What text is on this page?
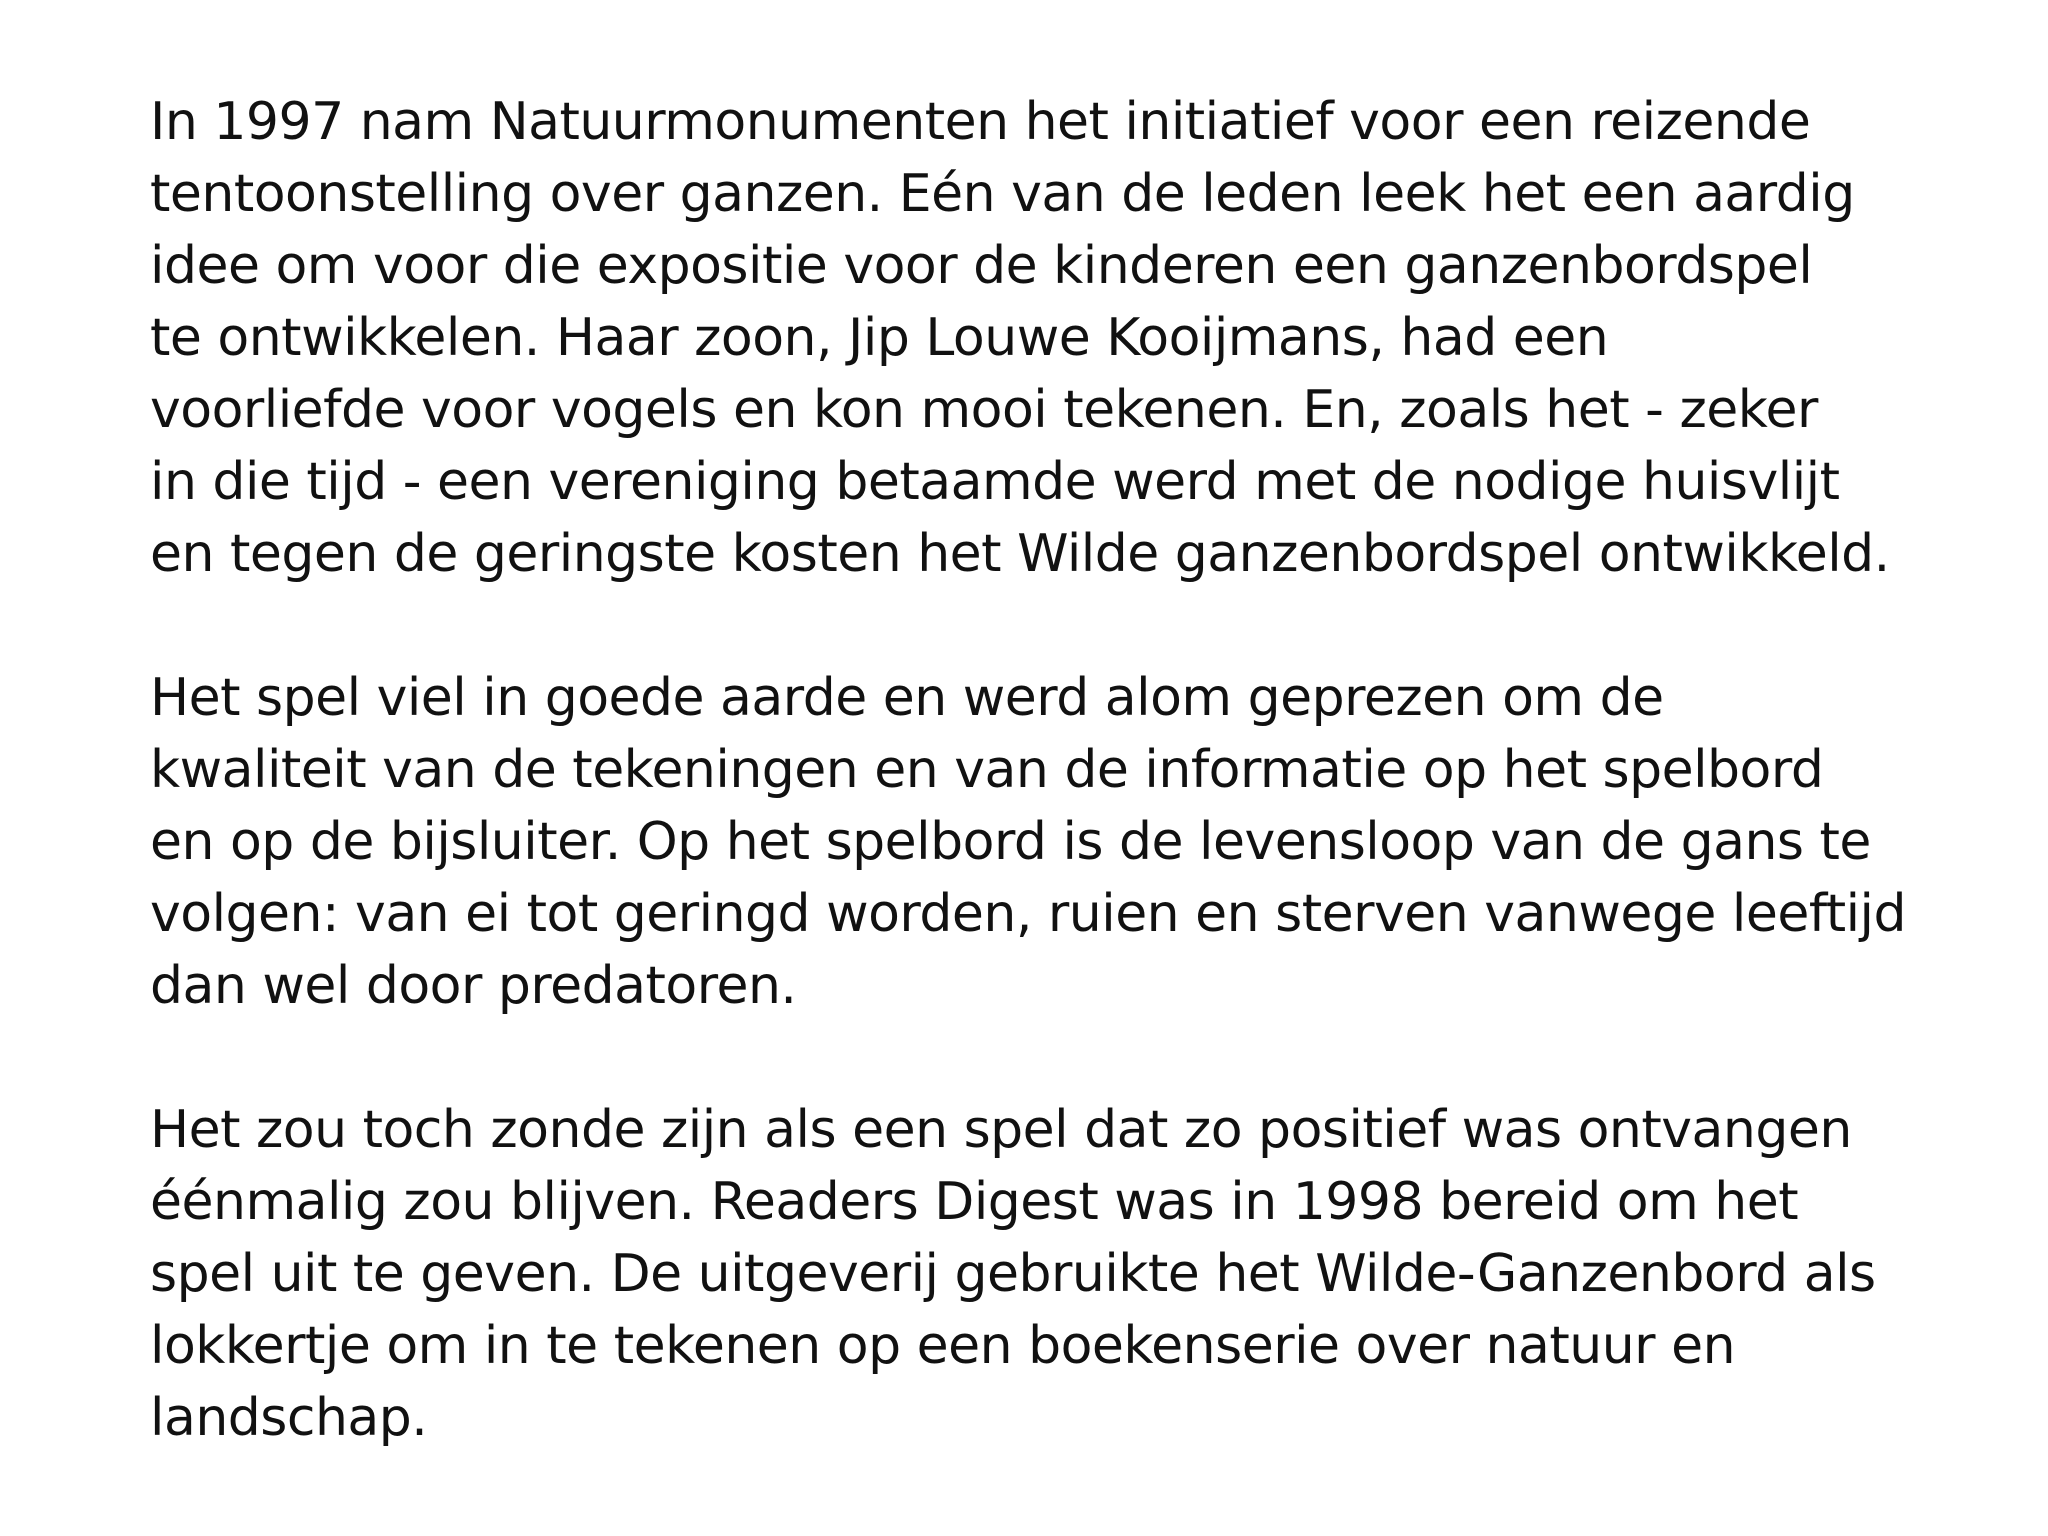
In 1997 nam Natuurmonumenten het initiatief voor een reizende
tentoonstelling over ganzen. Eén van de leden leek het een aardig
idee om voor die expositie voor de kinderen een ganzenbordspel
te ontwikkelen. Haar zoon, Jip Louwe Kooijmans, had een
voorliefde voor vogels en kon mooi tekenen. En, zoals het - zeker
in die tijd - een vereniging betaamde werd met de nodige huisvlijt
en tegen de geringste kosten het Wilde ganzenbordspel ontwikkeld.

Het spel viel in goede aarde en werd alom geprezen om de
kwaliteit van de tekeningen en van de informatie op het spelbord
en op de bijsluiter. Op het spelbord is de levensloop van de gans te
volgen: van ei tot geringd worden, ruien en sterven vanwege leeftijd
dan wel door predatoren.

Het zou toch zonde zijn als een spel dat zo positief was ontvangen
éénmalig zou blijven. Readers Digest was in 1998 bereid om het
spel uit te geven. De uitgeverij gebruikte het Wilde-Ganzenbord als
lokkertje om in te tekenen op een boekenserie over natuur en
landschap.
